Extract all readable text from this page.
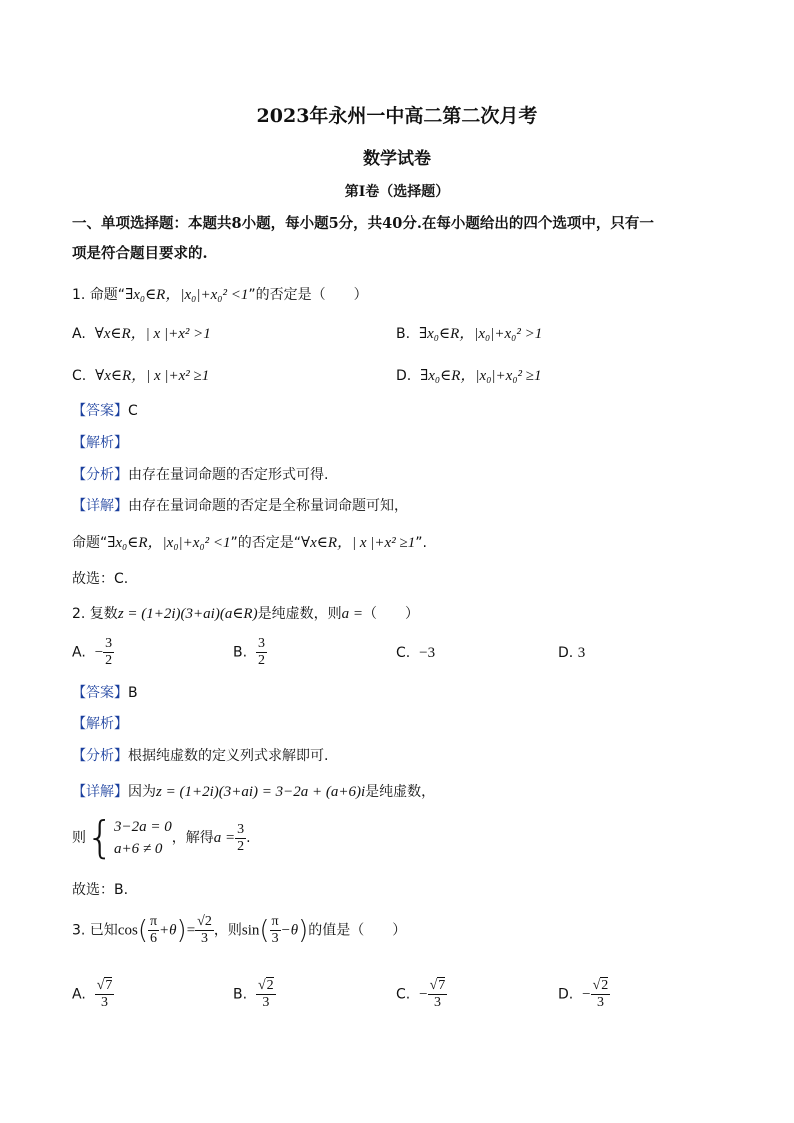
2023年永州一中高二第二次月考
数学试卷
第I卷（选择题）
一、单项选择题：本题共8小题，每小题5分，共40分.在每小题给出的四个选项中，只有一
项是符合题目要求的.
1. 命题“∃x₀∈R，|x₀|+x₀² <1”的否定是（　　）
A. ∀x∈R，| x |+x² >1	B. ∃x₀∈R，|x₀|+x₀² >1
C. ∀x∈R，| x |+x² ≥1	D. ∃x₀∈R，|x₀|+x₀² ≥1
【答案】C
【解析】
【分析】由存在量词命题的否定形式可得.
【详解】由存在量词命题的否定是全称量词命题可知，
命题“∃x₀∈R，|x₀|+x₀² <1”的否定是“∀x∈R，| x |+x² ≥1”.
故选：C.
2. 复数z = (1+2i)(3+ai)(a∈R)是纯虚数，则a =（　　）
A. − $\frac{3}{2}$	B. $\frac{3}{2}$	C. −3	D. 3
【答案】B
【解析】
【分析】根据纯虚数的定义列式求解即可.
【详解】因为z = (1+2i)(3+ai) = 3−2a + (a+6)i是纯虚数，
则{ 3−2a = 0
a+6 ≠ 0
，解得$a = \frac{3}{2}$ .
故选：B.
3. 已知$\cos( \frac{\pi}{6} +\theta)= \frac{√2}{3}$ ，则$\sin( \frac{\pi}{3} -\theta)$的值是（　　）
A. $\frac{√7}{3}$	B. $\frac{√2}{3}$	C. − $\frac{√7}{3}$	D. − $\frac{√2}{3}$
